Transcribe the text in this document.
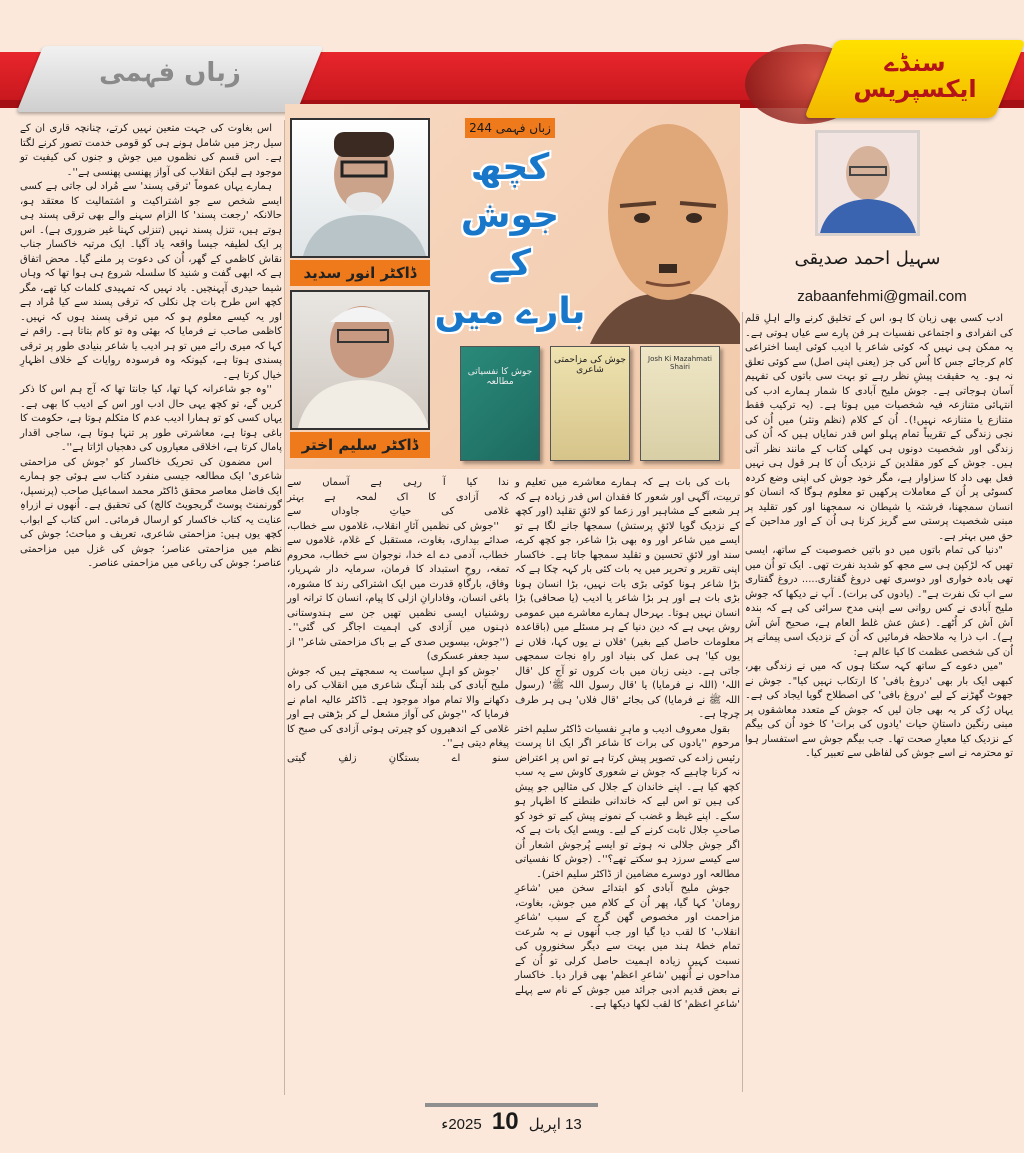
زباں فہمی	سنڈے ایکسپریس
ڈاکٹر انور سدید
ڈاکٹر سلیم اختر
زباں فہمی 244
کچھ
جوش
کے
بارے میں
جوش کا نفسیاتی مطالعہ
جوش کی مزاحمتی شاعری
Josh Ki Mazahmati Shairi
سہیل احمد صدیقی
zabaanfehmi@gmail.com

ادب کسی بھی زبان کا ہو، اس کے تخلیق کرنے والے اہلِ قلم کی انفرادی و اجتماعی نفسیات ہر فن پارے سے عیاں ہوتی ہے۔ یہ ممکن ہی نہیں کہ کوئی شاعر یا ادیب کوئی ایسا اختراعی کام کرجائے جس کا اُس کی جز (یعنی اپنی اصل) سے کوئی تعلق نہ ہو۔ یہ حقیقت پیشِ نظر رہے تو بہت سی باتوں کی تفہیم آسان ہوجاتی ہے۔ جوش ملیح آبادی کا شمار ہمارے ادب کی انتہائی متنازعہ فیہ شخصیات میں ہوتا ہے۔ (یہ ترکیب فقط متنازع یا متنازعہ نہیں!)۔ اُن کے کلام (نظم ونثر) میں اُن کی نجی زندگی کے تقریباً تمام پہلو اس قدر نمایاں ہیں کہ اُن کی زندگی اور شخصیت دونوں ہی کھلی کتاب کے مانند نظر آتی ہیں۔ جوش کے کور مقلدین کے نزدیک اُن کا ہر قول ہی نہیں فعل بھی داد کا سزاوار ہے، مگر خود جوش کی اپنی وضع کردہ کسوٹی پر اُن کے معاملات پرکھیں تو معلوم ہوگا کہ انسان کو انسان سمجھنا، فرشتہ یا شیطان نہ سمجھنا اور کور تقلید پر مبنی شخصیت پرستی سے گریز کرنا ہی اُن کے اور مداحین کے حق میں بہتر ہے۔

"دنیا کی تمام باتوں میں دو باتیں خصوصیت کے ساتھ، ایسی تھیں کہ لڑکپن ہی سے مجھ کو شدید نفرت تھی۔ ایک تو اُن میں تھی بادہ خواری اور دوسری تھی دروغ گفتاری..... دروغ گفتاری سے اب تک نفرت ہے"۔ (یادوں کی برات)۔ آپ نے دیکھا کہ جوش ملیح آبادی نے کس روانی سے اپنی مدح سرائی کی ہے کہ بندہ اَش اَش کر اُٹھے۔ (عش عش غلط العام ہے، صحیح اَش اَش ہے)۔ اب ذرا یہ ملاحظہ فرمائیں کہ اُن کے نزدیک اسی پیمانے پر اُن کی شخصی عظمت کا کیا عالم ہے:

"میں دعوے کے ساتھ کہہ سکتا ہوں کہ میں نے زندگی بھر، کبھی ایک بار بھی 'دروغ بافی' کا ارتکاب نہیں کیا"۔ جوش نے جھوٹ گھڑنے کے لیے 'دروغ بافی' کی اصطلاح گویا ایجاد کی ہے۔ یہاں رُک کر یہ بھی جان لیں کہ جوش کے متعدد معاشقوں پر مبنی رنگین داستانِ حیات 'یادوں کی برات' کا خود اُن کی بیگم کے نزدیک کیا معیارِ صحت تھا۔ جب بیگم جوش سے استفسار ہوا تو محترمہ نے اسے جوش کی لفاظی سے تعبیر کیا۔

بات کی بات ہے کہ ہمارے معاشرے میں تعلیم و تربیت، آگہی اور شعور کا فقدان اس قدر زیادہ ہے کہ ہر شعبے کے مشاہیر اور زعما کو لائقِ تقلید (اور کچھ کے نزدیک گویا لائقِ پرستش) سمجھا جانے لگا ہے تو ایسے میں شاعر اور وہ بھی بڑا شاعر، جو کچھ کرے، سند اور لائقِ تحسین و تقلید سمجھا جاتا ہے۔ خاکسار اپنی تقریر و تحریر میں یہ بات کئی بار کہہ چکا ہے کہ بڑا شاعر ہونا کوئی بڑی بات نہیں، بڑا انسان ہونا بڑی بات ہے اور ہر بڑا شاعر یا ادیب (یا صحافی) بڑا انسان نہیں ہوتا۔ بہرحال ہمارے معاشرے میں عمومی روش یہی ہے کہ دین دنیا کے ہر مسئلے میں (باقاعدہ معلومات حاصل کیے بغیر) 'فلاں نے یوں کہا، فلاں نے یوں کیا' ہی عمل کی بنیاد اور راہِ نجات سمجھی جاتی ہے۔ دینی زبان میں بات کروں تو آج کل 'قال اللہ' (اللہ نے فرمایا) یا 'قال رسول اللہ ﷺ' (رسول اللہ ﷺ نے فرمایا) کی بجائے 'قال فلاں' ہی ہر طرف چرچا ہے۔

بقول معروف ادیب و ماہرِ نفسیات ڈاکٹر سلیم اختر مرحوم ''یادوں کی برات کا شاعر اگر ایک انا پرست رئیس زادے کی تصویر پیش کرتا ہے تو اس پر اعتراض نہ کرنا چاہیے کہ جوش نے شعوری کاوش سے یہ سب کچھ کیا ہے۔ اپنے خاندان کے جلال کی مثالیں جو پیش کی ہیں تو اس لیے کہ خاندانی طنطنے کا اظہار ہو سکے۔ اپنے غیظ و غضب کے نمونے پیش کیے تو خود کو صاحبِ جلال ثابت کرنے کے لیے۔ ویسے ایک بات ہے کہ اگر جوش جلالی نہ ہوتے تو ایسے پُرجوش اشعار اُن سے کیسے سرزد ہو سکتے تھے؟''۔ (جوش کا نفسیاتی مطالعہ اور دوسرے مضامین از ڈاکٹر سلیم اختر)۔

جوش ملیح آبادی کو ابتدائے سخن میں 'شاعرِ رومان' کہا گیا، پھر اُن کے کلام میں جوش، بغاوت، مزاحمت اور مخصوص گھن گرج کے سبب 'شاعرِ انقلاب' کا لقب دیا گیا اور جب اُنھوں نے بہ سُرعت تمام خطۂ ہند میں بہت سے دیگر سخنوروں کی نسبت کہیں زیادہ اہمیت حاصل کرلی تو اُن کے مداحوں نے اُنھیں 'شاعرِ اعظم' بھی قرار دیا۔ خاکسار نے بعض قدیم ادبی جرائد میں جوش کے نام سے پہلے 'شاعرِ اعظم' کا لقب لکھا دیکھا ہے۔

ندا
کیا
آ
رہی
ہے
آسماں
سے

کہ
آزادی
کا
اک
لمحہ
ہے
بہتر

غلامی
کی
حیاتِ
جاوداں
سے

''جوش کی نظمیں آثارِ انقلاب، غلاموں سے خطاب، صدائے بیداری، بغاوت، مستقبل کے غلام، غلاموں سے خطاب، آدمی دے اے خدا، نوجوان سے خطاب، محروم تمغہ، روحِ استبداد کا فرمان، سرمایہ دار شہریار، وفاق، بارگاہِ قدرت میں ایک اشتراکی رند کا مشورہ، باغی انسان، وفادارانِ ازلی کا پیام، انسان کا ترانہ اور روشنیاں ایسی نظمیں تھیں جن سے ہندوستانی ذہنوں میں آزادی کی اہمیت اجاگر کی گئی''۔ (''جوش، بیسویں صدی کے بے باک مزاحمتی شاعر'' از سید جعفر عسکری)

'جوش کو اہلِ سیاست یہ سمجھتے ہیں کہ جوش ملیح آبادی کی بلند آہنگ شاعری میں انقلاب کی راہ دکھانے والا تمام مواد موجود ہے۔ ڈاکٹر عالیہ امام نے فرمایا کہ ''جوش کی آواز مشعل لے کر بڑھتی ہے اور غلامی کے اندھیروں کو چیرتی ہوئی آزادی کی صبح کا پیغام دیتی ہے''۔

سنو
اے
بستگانِ
زلفِ
گیتی

اس بغاوت کی جہت متعین نہیں کرتے، چنانچہ قاری ان کے سیل رجز میں شامل ہونے ہی کو قومی خدمت تصور کرنے لگتا ہے۔ اس قسم کی نظموں میں جوش و جنوں کی کیفیت تو موجود ہے لیکن انقلاب کی آواز پھنسی پھنسی ہے''۔

ہمارے یہاں عموماً 'ترقی پسند' سے مُراد لی جاتی ہے کسی ایسے شخص سے جو اشتراکیت و اشتمالیت کا معتقد ہو، حالانکہ 'رجعت پسند' کا الزام سہنے والے بھی ترقی پسند ہی ہوتے ہیں، تنزل پسند نہیں (تنزلی کہنا غیر ضروری ہے)۔ اس پر ایک لطیفہ جیسا واقعہ یاد آگیا۔ ایک مرتبہ خاکسار جناب نقاش کاظمی کے گھر، اُن کی دعوت پر ملنے گیا۔ محض اتفاق ہے کہ ابھی گفت و شنید کا سلسلہ شروع ہی ہوا تھا کہ وہاں شیما حیدری آپہنچیں۔ یاد نہیں کہ تمہیدی کلمات کیا تھے، مگر کچھ اس طرح بات چل نکلی کہ ترقی پسند سے کیا مُراد ہے اور یہ کیسے معلوم ہو کہ میں ترقی پسند ہوں کہ نہیں۔ کاظمی صاحب نے فرمایا کہ بھئی وہ تو کام بتاتا ہے۔ راقم نے کہا کہ میری رائے میں تو ہر ادیب یا شاعر بنیادی طور پر ترقی پسندی ہوتا ہے، کیونکہ وہ فرسودہ روایات کے خلاف اظہارِ خیال کرتا ہے۔

''وہ جو شاعرانہ کہا تھا، کیا جانتا تھا کہ آج ہم اس کا ذکر کریں گے، تو کچھ یہی حال ادب اور اس کے ادیب کا بھی ہے۔ یہاں کسی کو تو ہمارا ادیب عدم کا متکلم ہوتا ہے، حکومت کا باغی ہوتا ہے، معاشرتی طور پر تنہا ہوتا ہے، ساجی اقدار پامال کرتا ہے، اخلاقی معیاروں کی دھجیاں اڑاتا ہے''۔

اس مضمون کی تحریک خاکسار کو 'جوش کی مزاحمتی شاعری' ایک مطالعہ جیسی منفرد کتاب سے ہوئی جو ہمارے ایک فاضل معاصر محقق ڈاکٹر محمد اسماعیل صاحب (پرنسپل، گورنمنٹ پوسٹ گریجویٹ کالج) کی تحقیق ہے۔ اُنھوں نے ازراہِ عنایت یہ کتاب خاکسار کو ارسال فرمائی۔ اس کتاب کے ابواب کچھ یوں ہیں: مزاحمتی شاعری، تعریف و مباحث؛ جوش کی نظم میں مزاحمتی عناصر؛ جوش کی غزل میں مزاحمتی عناصر؛ جوش کی رباعی میں مزاحمتی عناصر۔

13 اپریل 10 2025ء
